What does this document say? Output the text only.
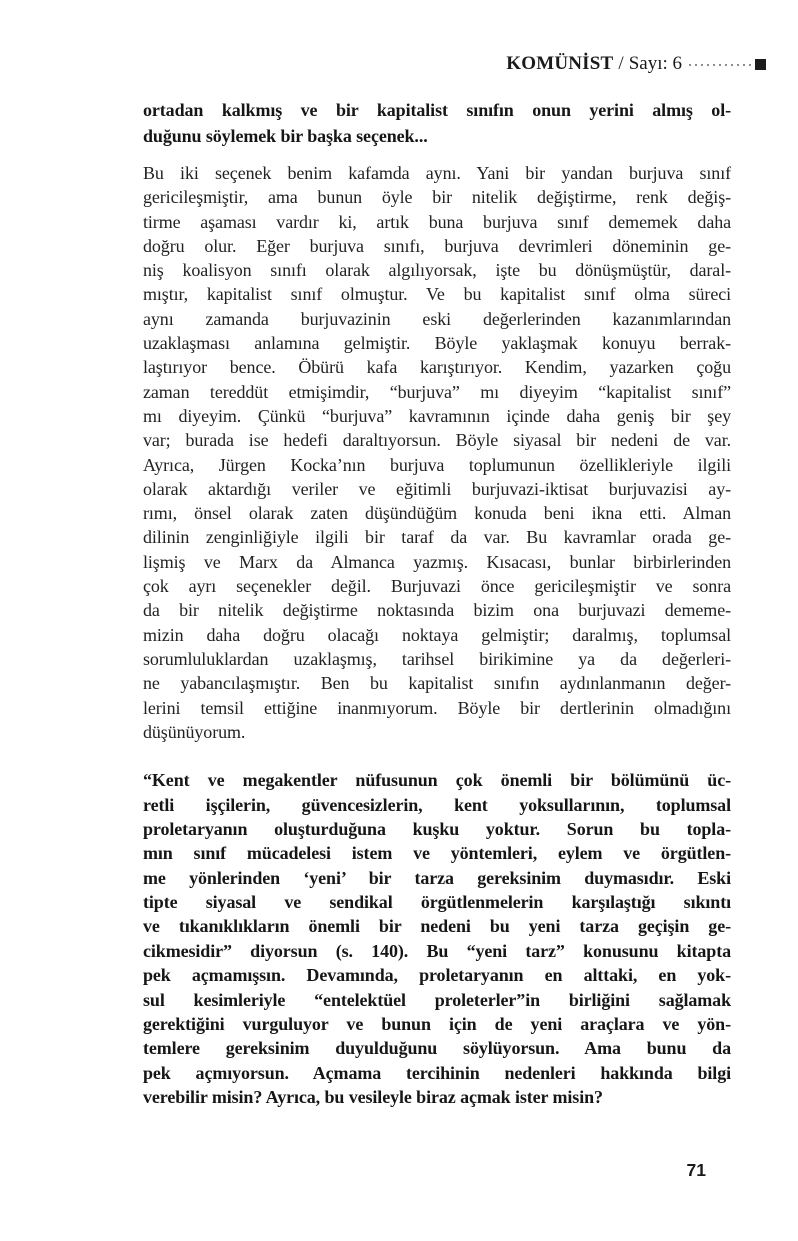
KOMÜNİST / Sayı: 6

ortadan kalkmış ve bir kapitalist sınıfın onun yerini almış ol-
duğunu söylemek bir başka seçenek...

Bu iki seçenek benim kafamda aynı. Yani bir yandan burjuva sınıf
gericileşmiştir, ama bunun öyle bir nitelik değiştirme, renk değiş-
tirme aşaması vardır ki, artık buna burjuva sınıf dememek daha
doğru olur. Eğer burjuva sınıfı, burjuva devrimleri döneminin ge-
niş koalisyon sınıfı olarak algılıyorsak, işte bu dönüşmüştür, daral-
mıştır, kapitalist sınıf olmuştur. Ve bu kapitalist sınıf olma süreci
aynı zamanda burjuvazinin eski değerlerinden kazanımlarından
uzaklaşması anlamına gelmiştir. Böyle yaklaşmak konuyu berrak-
laştırıyor bence. Öbürü kafa karıştırıyor. Kendim, yazarken çoğu
zaman tereddüt etmişimdir, “burjuva” mı diyeyim “kapitalist sınıf”
mı diyeyim. Çünkü “burjuva” kavramının içinde daha geniş bir şey
var; burada ise hedefi daraltıyorsun. Böyle siyasal bir nedeni de var.
Ayrıca, Jürgen Kocka’nın burjuva toplumunun özellikleriyle ilgili
olarak aktardığı veriler ve eğitimli burjuvazi-iktisat burjuvazisi ay-
rımı, önsel olarak zaten düşündüğüm konuda beni ikna etti. Alman
dilinin zenginliğiyle ilgili bir taraf da var. Bu kavramlar orada ge-
lişmiş ve Marx da Almanca yazmış. Kısacası, bunlar birbirlerinden
çok ayrı seçenekler değil. Burjuvazi önce gericileşmiştir ve sonra
da bir nitelik değiştirme noktasında bizim ona burjuvazi dememe-
mizin daha doğru olacağı noktaya gelmiştir; daralmış, toplumsal
sorumluluklardan uzaklaşmış, tarihsel birikimine ya da değerleri-
ne yabancılaşmıştır. Ben bu kapitalist sınıfın aydınlanmanın değer-
lerini temsil ettiğine inanmıyorum. Böyle bir dertlerinin olmadığını
düşünüyorum.

“Kent ve megakentler nüfusunun çok önemli bir bölümünü üc-
retli işçilerin, güvencesizlerin, kent yoksullarının, toplumsal
proletaryanın oluşturduğuna kuşku yoktur. Sorun bu topla-
mın sınıf mücadelesi istem ve yöntemleri, eylem ve örgütlen-
me yönlerinden ‘yeni’ bir tarza gereksinim duymasıdır. Eski
tipte siyasal ve sendikal örgütlenmelerin karşılaştığı sıkıntı
ve tıkanıklıkların önemli bir nedeni bu yeni tarza geçişin ge-
cikmesidir” diyorsun (s. 140). Bu “yeni tarz” konusunu kitapta
pek açmamışsın. Devamında, proletaryanın en alttaki, en yok-
sul kesimleriyle “entelektüel proleterler”in birliğini sağlamak
gerektiğini vurguluyor ve bunun için de yeni araçlara ve yön-
temlere gereksinim duyulduğunu söylüyorsun. Ama bunu da
pek açmıyorsun. Açmama tercihinin nedenleri hakkında bilgi
verebilir misin? Ayrıca, bu vesileyle biraz açmak ister misin?

71
